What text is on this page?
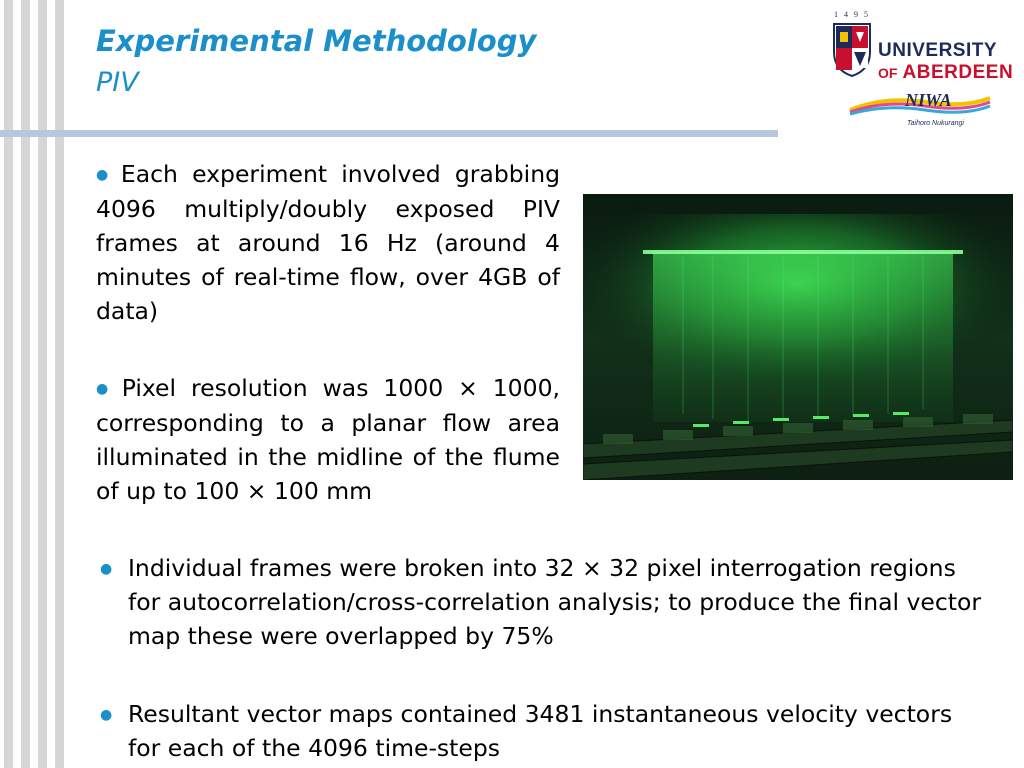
Experimental Methodology
PIV
1 4 9 5
UNIVERSITY
OF ABERDEEN
NIWA
Taihoro Nukurangi
● Each experiment involved grabbing 4096 multiply/doubly exposed PIV frames at around 16 Hz (around 4 minutes of real-time flow, over 4GB of data)
● Pixel resolution was 1000 × 1000, corresponding to a planar flow area illuminated in the midline of the flume of up to 100 × 100 mm
● Individual frames were broken into 32 × 32 pixel interrogation regions for autocorrelation/cross-correlation analysis; to produce the final vector map these were overlapped by 75%
● Resultant vector maps contained 3481 instantaneous velocity vectors for each of the 4096 time-steps
